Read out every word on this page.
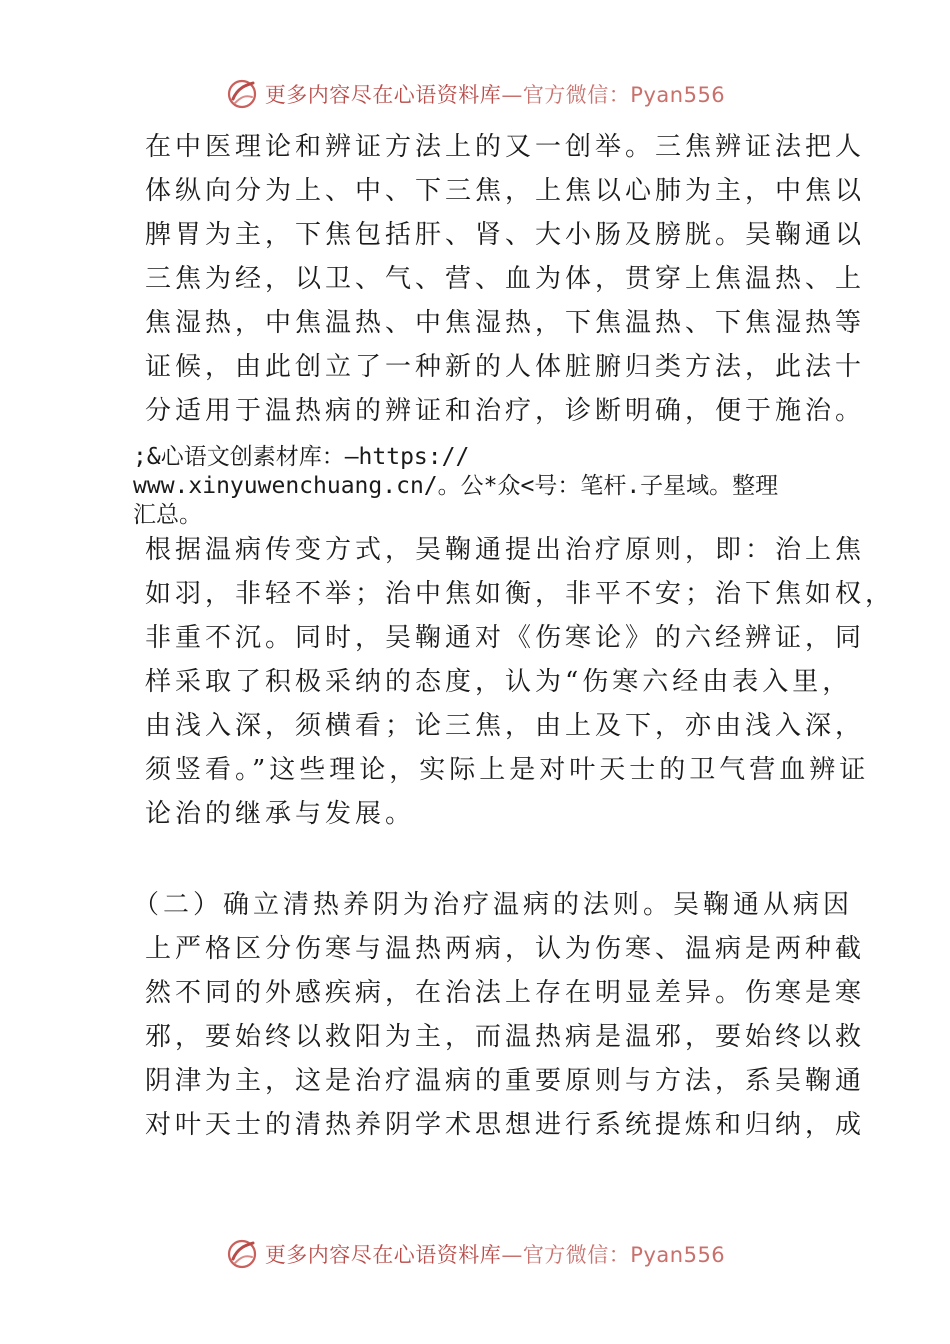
更多内容尽在心语资料库—官方微信：Pyan556
在中医理论和辨证方法上的又一创举。三焦辨证法把人
体纵向分为上、中、下三焦，上焦以心肺为主，中焦以
脾胃为主，下焦包括肝、肾、大小肠及膀胱。吴鞠通以
三焦为经，以卫、气、营、血为体，贯穿上焦温热、上
焦湿热，中焦温热、中焦湿热，下焦温热、下焦湿热等
证候，由此创立了一种新的人体脏腑归类方法，此法十
分适用于温热病的辨证和治疗，诊断明确，便于施治。
;&心语文创素材库：—https://
www.xinyuwenchuang.cn/。公*众<号：笔杆.子星域。整理
汇总。
根据温病传变方式，吴鞠通提出治疗原则，即：治上焦
如羽，非轻不举；治中焦如衡，非平不安；治下焦如权，
非重不沉。同时，吴鞠通对《伤寒论》的六经辨证，同
样采取了积极采纳的态度，认为“伤寒六经由表入里，
由浅入深，须横看；论三焦，由上及下，亦由浅入深，
须竖看。”这些理论，实际上是对叶天士的卫气营血辨证
论治的继承与发展。
（二）确立清热养阴为治疗温病的法则。吴鞠通从病因
上严格区分伤寒与温热两病，认为伤寒、温病是两种截
然不同的外感疾病，在治法上存在明显差异。伤寒是寒
邪，要始终以救阳为主，而温热病是温邪，要始终以救
阴津为主，这是治疗温病的重要原则与方法，系吴鞠通
对叶天士的清热养阴学术思想进行系统提炼和归纳，成
更多内容尽在心语资料库—官方微信：Pyan556
